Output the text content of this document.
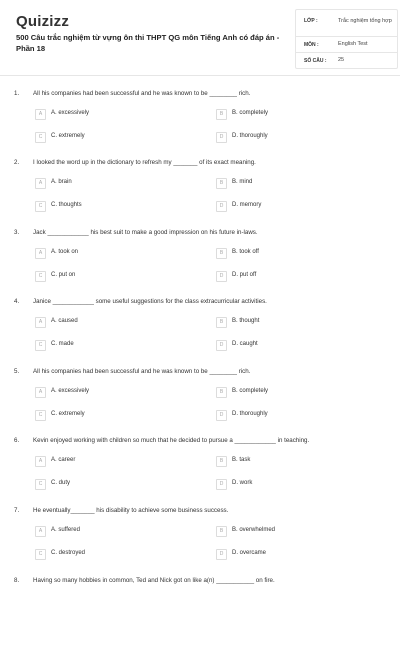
Quizizz
500 Câu trắc nghiệm từ vựng ôn thi THPT QG môn Tiếng Anh có đáp án - Phần 18
LỚP :	Trắc nghiệm tổng hợp
MÔN :	English Test
SỐ CÂU : 25
1. All his companies had been successful and he was known to be ________ rich.
A	A. excessively	B	B. completely
C	C. extremely	D	D. thoroughly
2. I looked the word up in the dictionary to refresh my _______ of its exact meaning.
A	A. brain	B	B. mind
C	C. thoughts	D	D. memory
3. Jack ____________ his best suit to make a good impression on his future in-laws.
A	A. took on	B	B. took off
C	C. put on	D	D. put off
4. Janice ____________ some useful suggestions for the class extracurricular activities.
A	A. caused	B	B. thought
C	C. made	D	D. caught
5. All his companies had been successful and he was known to be ________ rich.
A	A. excessively	B	B. completely
C	C. extremely	D	D. thoroughly
6. Kevin enjoyed working with children so much that he decided to pursue a ____________ in teaching.
A	A. career	B	B. task
C	C. duty	D	D. work
7. He eventually_______ his disability to achieve some business success.
A	A. suffered	B	B. overwhelmed
C	C. destroyed	D	D. overcame
8. Having so many hobbies in common, Ted and Nick got on like a(n) ___________ on fire.
